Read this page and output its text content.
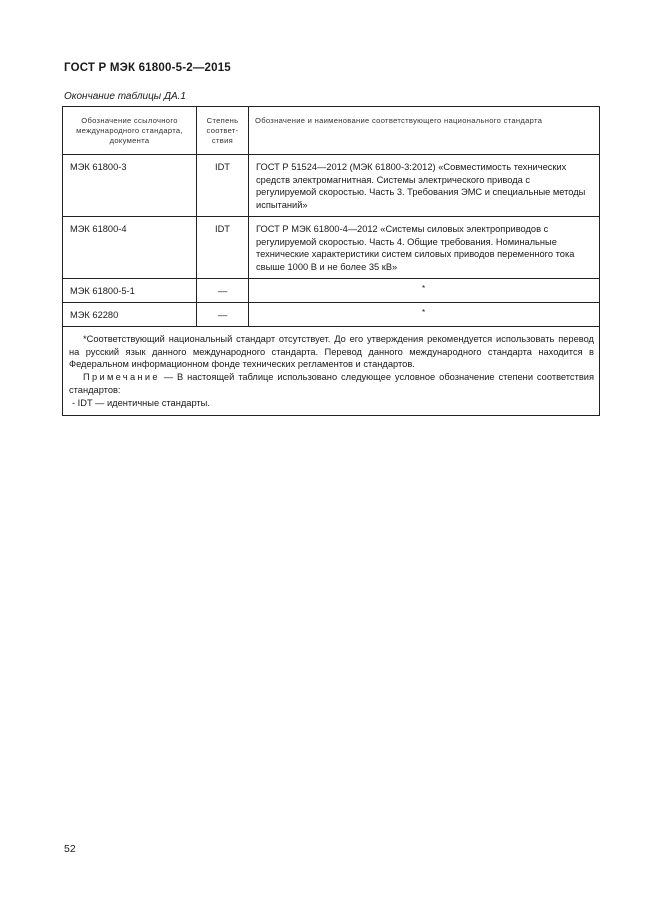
ГОСТ Р МЭК 61800-5-2—2015
Окончание таблицы ДА.1
Обозначение ссылочного международного стандарта, документа	Степень соответ-ствия	Обозначение и наименование соответствующего национального стандарта
МЭК 61800-3	IDT	ГОСТ Р 51524—2012 (МЭК 61800-3:2012) «Совместимость технических средств электромагнитная. Системы электрического привода с регулируемой скоростью. Часть 3. Требования ЭМС и специальные методы испытаний»
МЭК 61800-4	IDT	ГОСТ Р МЭК 61800-4—2012 «Системы силовых электроприводов с регулируемой скоростью. Часть 4. Общие требования. Номинальные технические характеристики систем силовых приводов переменного тока свыше 1000 В и не более 35 кВ»
МЭК 61800-5-1	—	*
МЭК 62280	—	*

*Соответствующий национальный стандарт отсутствует. До его утверждения рекомендуется использовать перевод на русский язык данного международного стандарта. Перевод данного международного стандарта находится в Федеральном информационном фонде технических регламентов и стандартов.

Примечание — В настоящей таблице использовано следующее условное обозначение степени соответствия стандартов:

- IDT — идентичные стандарты.		

52
